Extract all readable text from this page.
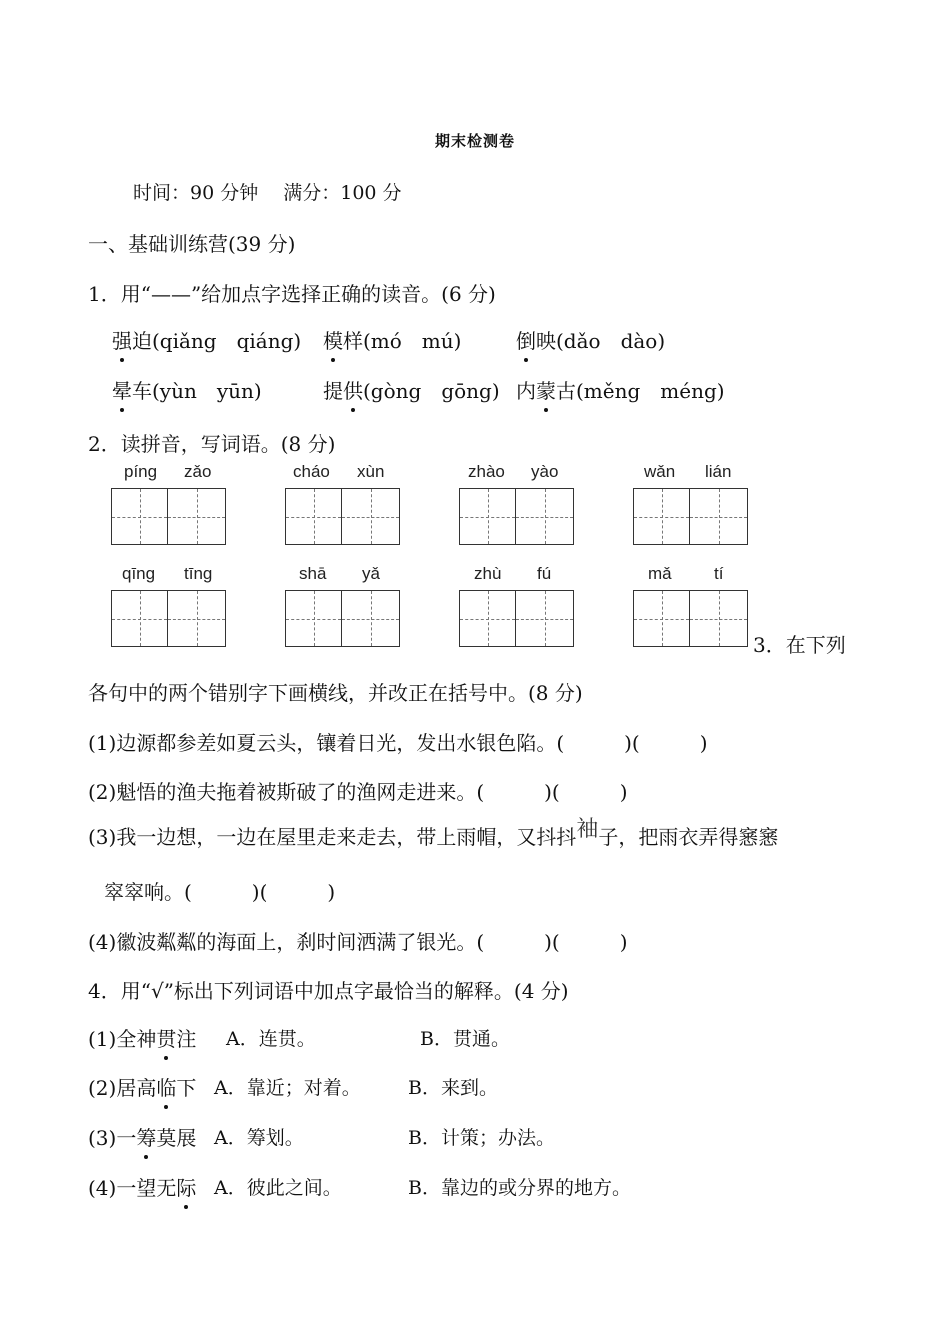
期末检测卷
时间：90 分钟　 满分：100 分
一、基础训练营(39 分)
1．用“——”给加点字选择正确的读音。(6 分)
强迫(qiǎng　qiáng) 模样(mó　mú)	倒映(dǎo　dào)
晕车(yùn　yūn)	提供(gòng　gōng) 内蒙古(měng　méng)
2．读拼音，写词语。(8 分)
píng zǎo	cháo xùn	zhào yào	wǎn lián
qīng tīng	shā yǎ	zhù fú	mǎ tí
3．在下列
各句中的两个错别字下画横线，并改正在括号中。(8 分)
(1)边源都参差如夏云头，镶着日光，发出水银色陷。(　　　)(　　　)
(2)魁悟的渔夫拖着被斯破了的渔网走进来。(　　　)(　　　)
(3)我一边想，一边在屋里走来走去，带上雨帽，又抖抖袖子，把雨衣弄得窸窸
窣窣响。(　　　)(　　　)
(4)徽波粼粼的海面上，刹时间洒满了银光。(　　　)(　　　)
4．用“√”标出下列词语中加点字最恰当的解释。(4 分)
(1)全神贯注 A．连贯。	B．贯通。
(2)居高临下 A．靠近；对着。 B．来到。
(3)一筹莫展 A．筹划。	B．计策；办法。
(4)一望无际 A．彼此之间。	B．靠边的或分界的地方。
